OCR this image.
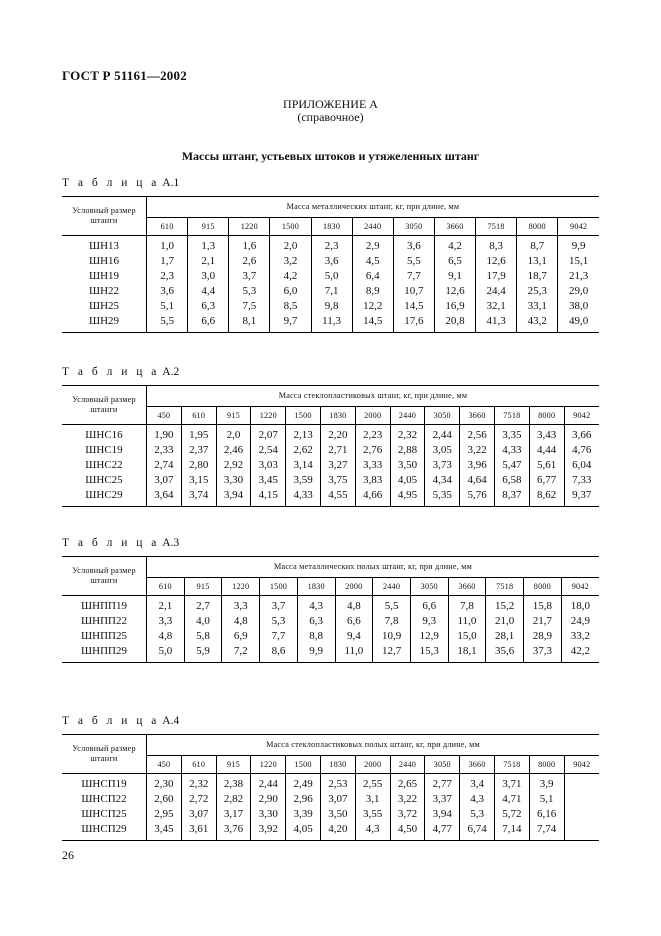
ГОСТ Р 51161—2002
ПРИЛОЖЕНИЕ А
(справочное)
Массы штанг, устьевых штоков и утяжеленных штанг
Т а б л и ц а А.1
Условный размер штанги	Масса металлических штанг, кг, при длине, мм										
	610	915	1220	1500	1830	2440	3050	3660	7518	8000	9042
ШН13	1,0	1,3	1,6	2,0	2,3	2,9	3,6	4,2	8,3	8,7	9,9
ШН16	1,7	2,1	2,6	3,2	3,6	4,5	5,5	6,5	12,6	13,1	15,1
ШН19	2,3	3,0	3,7	4,2	5,0	6,4	7,7	9,1	17,9	18,7	21,3
ШН22	3,6	4,4	5,3	6,0	7,1	8,9	10,7	12,6	24,4	25,3	29,0
ШН25	5,1	6,3	7,5	8,5	9,8	12,2	14,5	16,9	32,1	33,1	38,0
ШН29	5,5	6,6	8,1	9,7	11,3	14,5	17,6	20,8	41,3	43,2	49,0
Т а б л и ц а А.2
Условный размер штанги	Масса стеклопластиковых штанг, кг, при длине, мм												
	450	610	915	1220	1500	1830	2000	2440	3050	3660	7518	8000	9042
ШНС16	1,90	1,95	2,0	2,07	2,13	2,20	2,23	2,32	2,44	2,56	3,35	3,43	3,66
ШНС19	2,33	2,37	2,46	2,54	2,62	2,71	2,76	2,88	3,05	3,22	4,33	4,44	4,76
ШНС22	2,74	2,80	2,92	3,03	3,14	3,27	3,33	3,50	3,73	3,96	5,47	5,61	6,04
ШНС25	3,07	3,15	3,30	3,45	3,59	3,75	3,83	4,05	4,34	4,64	6,58	6,77	7,33
ШНС29	3,64	3,74	3,94	4,15	4,33	4,55	4,66	4,95	5,35	5,76	8,37	8,62	9,37
Т а б л и ц а А.3
Условный размер штанги	Масса металлических полых штанг, кг, при длине, мм											
	610	915	1220	1500	1830	2000	2440	3050	3660	7518	8000	9042
ШНПП19	2,1	2,7	3,3	3,7	4,3	4,8	5,5	6,6	7,8	15,2	15,8	18,0
ШНПП22	3,3	4,0	4,8	5,3	6,3	6,6	7,8	9,3	11,0	21,0	21,7	24,9
ШНПП25	4,8	5,8	6,9	7,7	8,8	9,4	10,9	12,9	15,0	28,1	28,9	33,2
ШНПП29	5,0	5,9	7,2	8,6	9,9	11,0	12,7	15,3	18,1	35,6	37,3	42,2
Т а б л и ц а А.4
Условный размер штанги	Масса стеклопластиковых полых штанг, кг, при длине, мм												
	450	610	915	1220	1500	1830	2000	2440	3050	3660	7518	8000	9042
ШНСП19	2,30	2,32	2,38	2,44	2,49	2,53	2,55	2,65	2,77	3,4	3,71	3,9	
ШНСП22	2,60	2,72	2,82	2,90	2,96	3,07	3,1	3,22	3,37	4,3	4,71	5,1	
ШНСП25	2,95	3,07	3,17	3,30	3,39	3,50	3,55	3,72	3,94	5,3	5,72	6,16	
ШНСП29	3,45	3,61	3,76	3,92	4,05	4,20	4,3	4,50	4,77	6,74	7,14	7,74	
26
